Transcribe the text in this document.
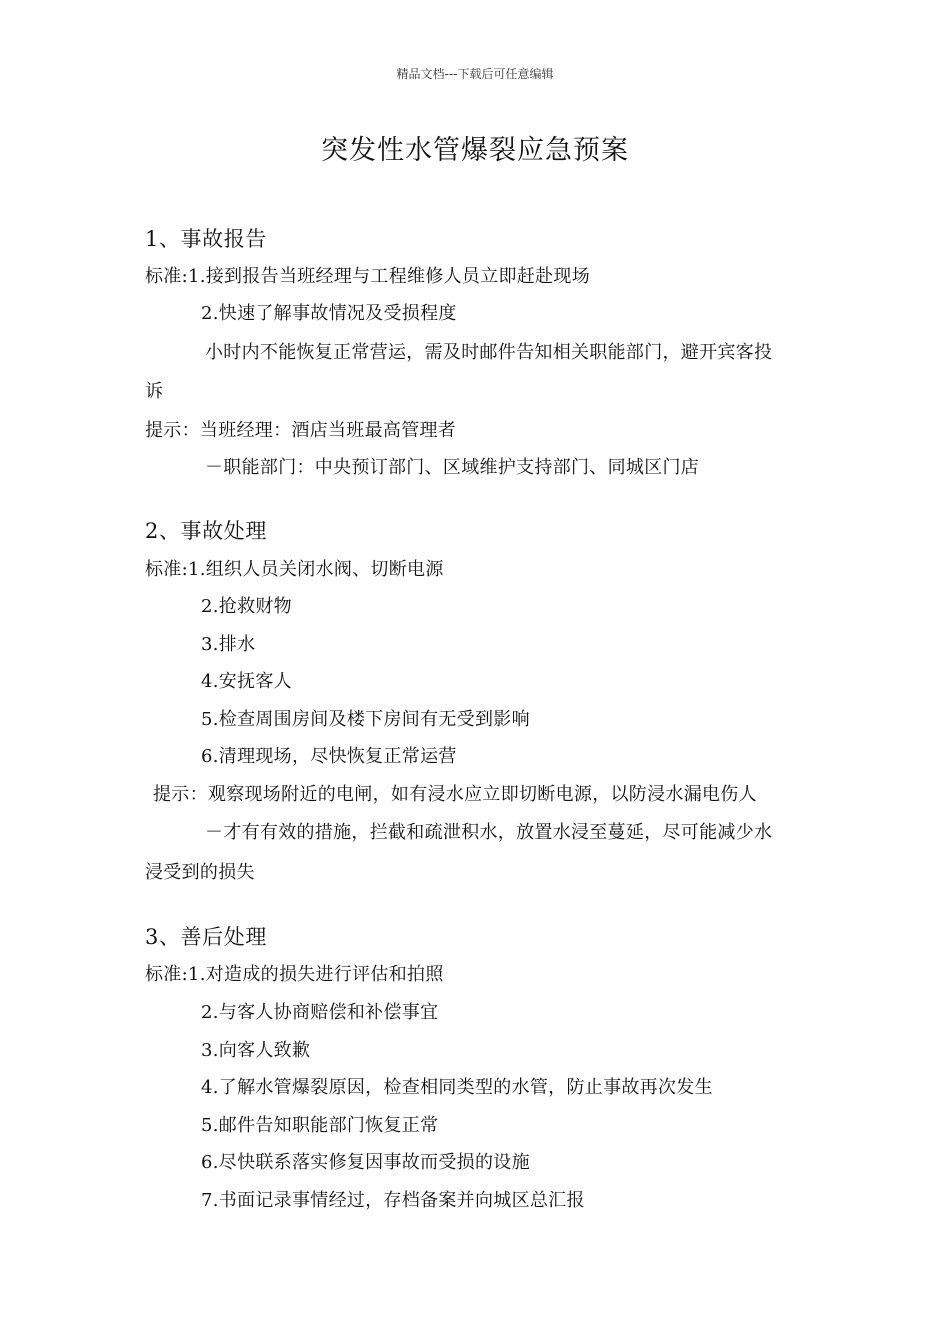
精品文档---下载后可任意编辑
突发性水管爆裂应急预案
1、事故报告
标准:1.接到报告当班经理与工程维修人员立即赶赴现场
2.快速了解事故情况及受损程度
小时内不能恢复正常营运，需及时邮件告知相关职能部门，避开宾客投
诉
提示：当班经理：酒店当班最高管理者
－职能部门：中央预订部门、区域维护支持部门、同城区门店
2、事故处理
标准:1.组织人员关闭水阀、切断电源
2.抢救财物
3.排水
4.安抚客人
5.检查周围房间及楼下房间有无受到影响
6.清理现场，尽快恢复正常运营
提示：观察现场附近的电闸，如有浸水应立即切断电源，以防浸水漏电伤人
－才有有效的措施，拦截和疏泄积水，放置水浸至蔓延，尽可能减少水
浸受到的损失
3、善后处理
标准:1.对造成的损失进行评估和拍照
2.与客人协商赔偿和补偿事宜
3.向客人致歉
4.了解水管爆裂原因，检查相同类型的水管，防止事故再次发生
5.邮件告知职能部门恢复正常
6.尽快联系落实修复因事故而受损的设施
7.书面记录事情经过，存档备案并向城区总汇报
